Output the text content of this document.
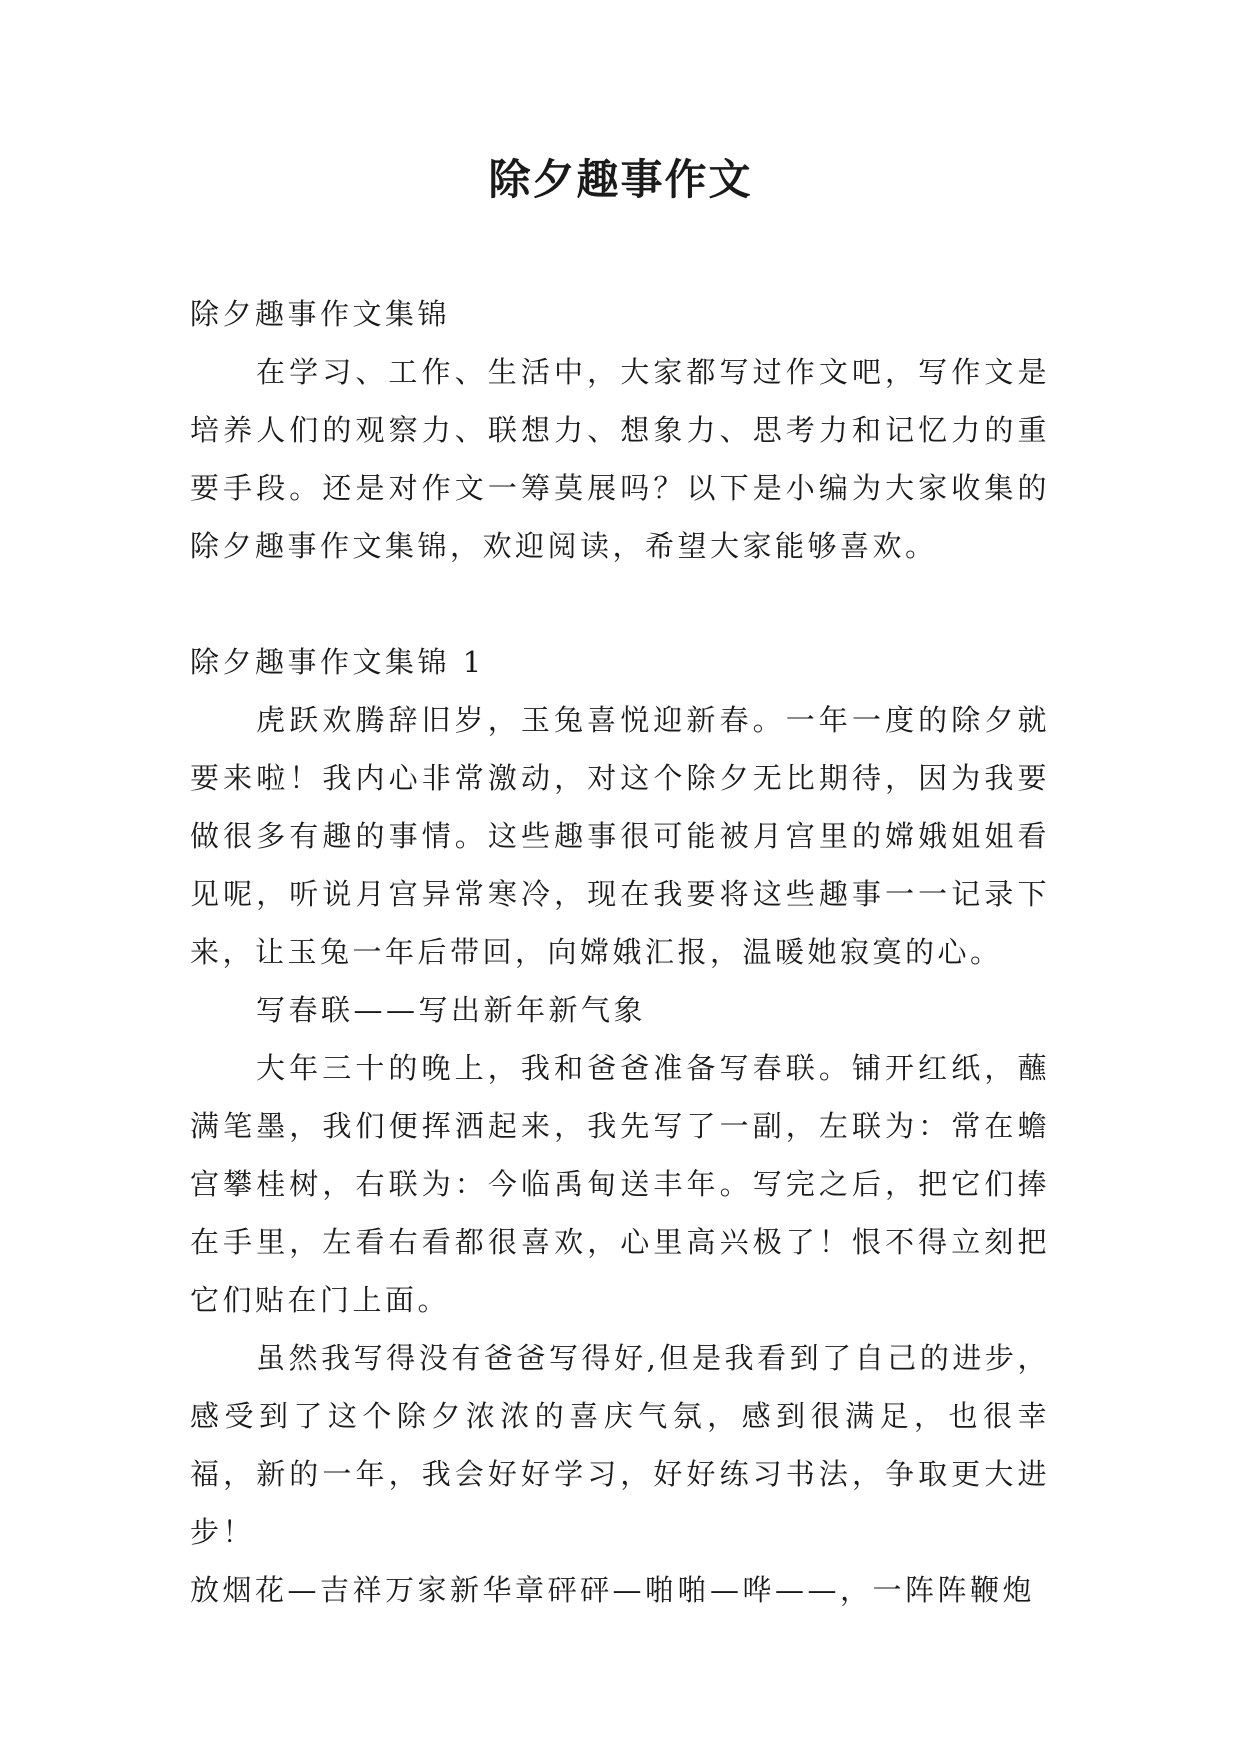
除夕趣事作文

除夕趣事作文集锦

在学习、工作、生活中，大家都写过作文吧，写作文是培养人们的观察力、联想力、想象力、思考力和记忆力的重要手段。还是对作文一筹莫展吗？以下是小编为大家收集的除夕趣事作文集锦，欢迎阅读，希望大家能够喜欢。

除夕趣事作文集锦 1

虎跃欢腾辞旧岁，玉兔喜悦迎新春。一年一度的除夕就要来啦！我内心非常激动，对这个除夕无比期待，因为我要做很多有趣的事情。这些趣事很可能被月宫里的嫦娥姐姐看见呢，听说月宫异常寒冷，现在我要将这些趣事一一记录下来，让玉兔一年后带回，向嫦娥汇报，温暖她寂寞的心。

写春联——写出新年新气象

大年三十的晚上，我和爸爸准备写春联。铺开红纸，蘸满笔墨，我们便挥洒起来，我先写了一副，左联为：常在蟾宫攀桂树，右联为：今临禹甸送丰年。写完之后，把它们捧在手里，左看右看都很喜欢，心里高兴极了！恨不得立刻把它们贴在门上面。

虽然我写得没有爸爸写得好,但是我看到了自己的进步，感受到了这个除夕浓浓的喜庆气氛，感到很满足，也很幸福，新的一年，我会好好学习，好好练习书法，争取更大进步！

放烟花—吉祥万家新华章砰砰—啪啪—哗——，一阵阵鞭炮
